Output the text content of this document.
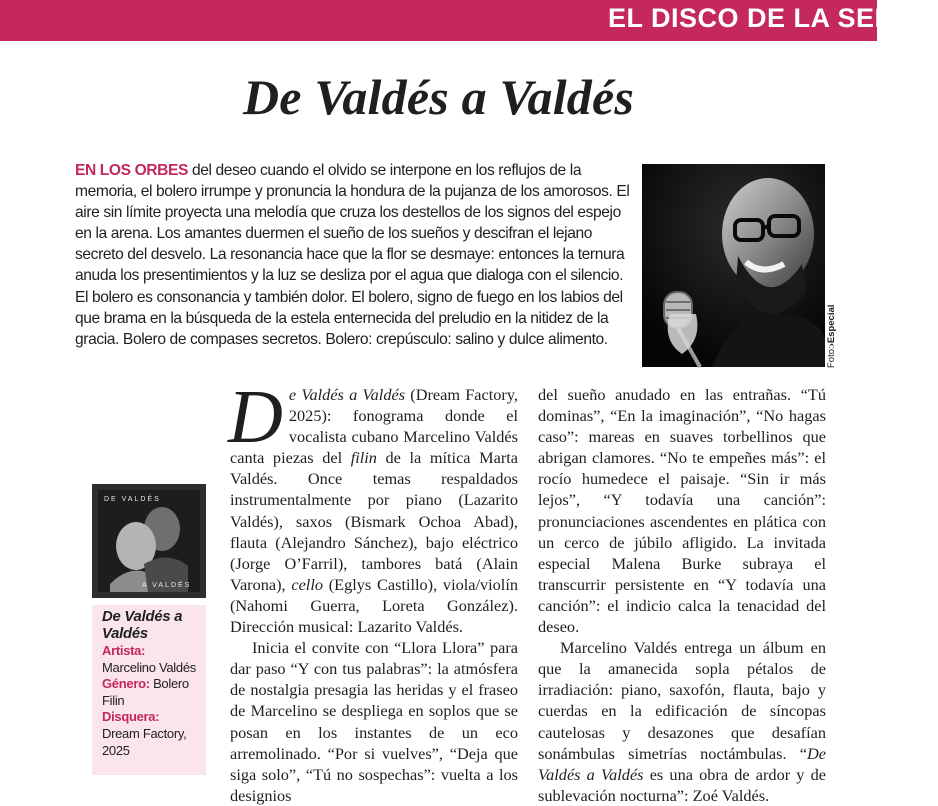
EL DISCO DE LA SEMAN
De Valdés a Valdés

EN LOS ORBES del deseo cuando el olvido se interpone en los reflujos de la memoria, el bolero irrumpe y pronuncia la hondura de la pujanza de los amorosos. El aire sin límite proyecta una melodía que cruza los destellos de los signos del espejo en la arena. Los amantes duermen el sueño de los sueños y descifran el lejano secreto del desvelo. La resonancia hace que la flor se desmaye: entonces la ternura anuda los presentimientos y la luz se desliza por el agua que dialoga con el silencio. El bolero es consonancia y también dolor. El bolero, signo de fuego en los labios del que brama en la búsqueda de la estela enternecida del preludio en la nitidez de la gracia. Bolero de compases secretos. Bolero: crepúsculo: salino y dulce alimento.

Foto:›Especial
DE VALDÉS
A VALDÉS
De Valdés a Valdés
Artista: Marcelino Valdés
Género: Bolero Filin
Disquera: Dream Factory, 2025

De Valdés a Valdés (Dream Factory, 2025): fonograma donde el vocalista cubano Marcelino Valdés canta piezas del filin de la mítica Marta Valdés. Once temas respaldados instrumentalmente por piano (Lazarito Valdés), saxos (Bismark Ochoa Abad), flauta (Alejandro Sánchez), bajo eléctrico (Jorge O’Farril), tambores batá (Alain Varona), cello (Eglys Castillo), viola/violín (Nahomi Guerra, Loreta González). Dirección musical: Lazarito Valdés.

Inicia el convite con “Llora Llora” para dar paso “Y con tus palabras”: la atmósfera de nostalgia presagia las heridas y el fraseo de Marcelino se despliega en soplos que se posan en los instantes de un eco arremolinado. “Por si vuelves”, “Deja que siga solo”, “Tú no sospechas”: vuelta a los designios

del sueño anudado en las entrañas. “Tú dominas”, “En la imaginación”, “No hagas caso”: mareas en suaves torbellinos que abrigan clamores. “No te empeñes más”: el rocío humedece el paisaje. “Sin ir más lejos”, “Y todavía una canción”: pronunciaciones ascendentes en plática con un cerco de júbilo afligido. La invitada especial Malena Burke subraya el transcurrir persistente en “Y todavía una canción”: el indicio calca la tenacidad del deseo.

Marcelino Valdés entrega un álbum en que la amanecida sopla pétalos de irradiación: piano, saxofón, flauta, bajo y cuerdas en la edificación de síncopas cautelosas y desazones que desafían sonámbulas simetrías noctámbulas. “De Valdés a Valdés es una obra de ardor y de sublevación nocturna”: Zoé Valdés.
